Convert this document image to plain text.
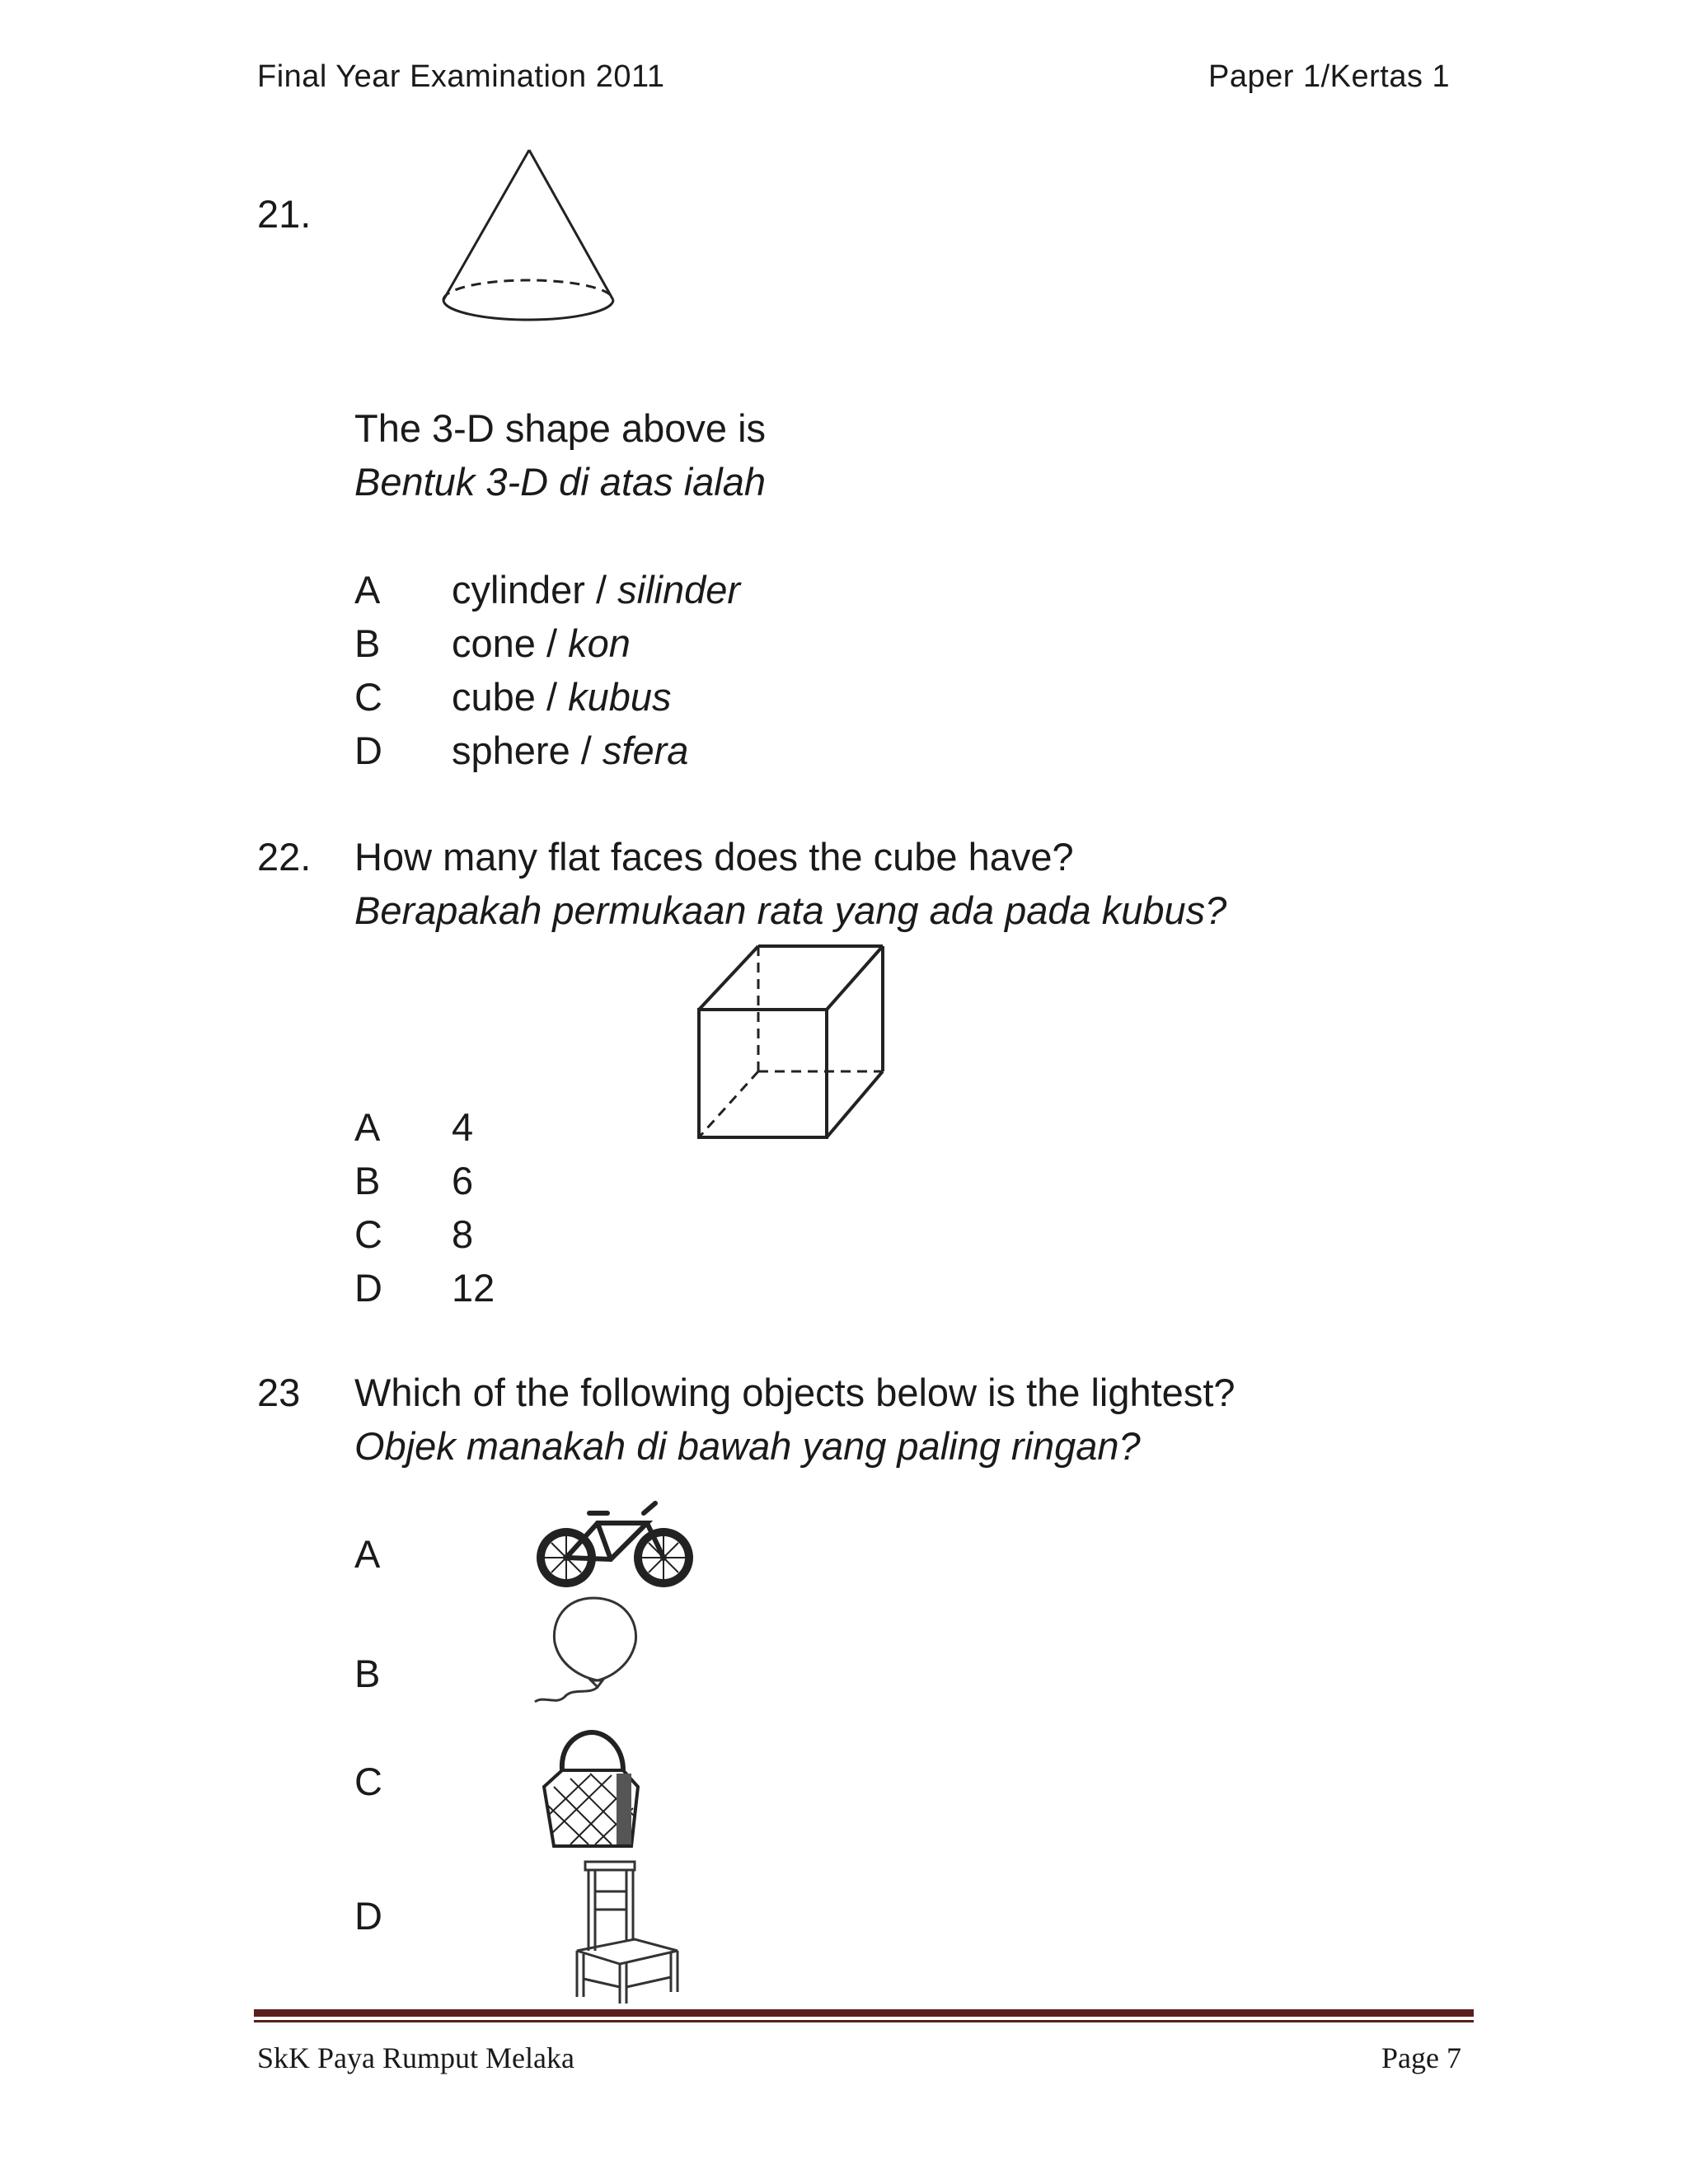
Final Year Examination 2011	Paper 1/Kertas 1
21.
The 3-D shape above is
Bentuk 3-D di atas ialah
A cylinder / silinder
B cone / kon
C cube / kubus
D sphere / sfera
22. How many flat faces does the cube have?
Berapakah permukaan rata yang ada pada kubus?
A 4
B 6
C 8
D 12
23 Which of the following objects below is the lightest?
Objek manakah di bawah yang paling ringan?
A
B
C
D
SkK Paya Rumput Melaka	Page 7
